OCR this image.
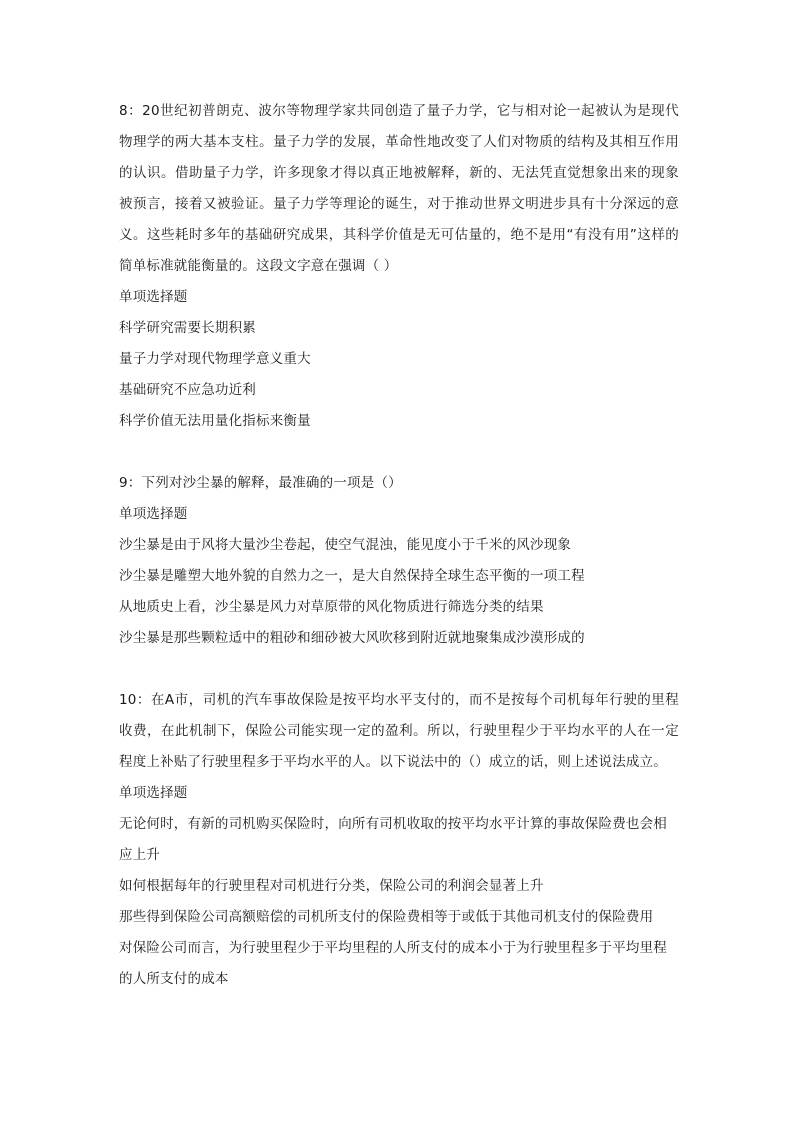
8：20世纪初普朗克、波尔等物理学家共同创造了量子力学，它与相对论一起被认为是现代物理学的两大基本支柱。量子力学的发展，革命性地改变了人们对物质的结构及其相互作用的认识。借助量子力学，许多现象才得以真正地被解释，新的、无法凭直觉想象出来的现象被预言，接着又被验证。量子力学等理论的诞生，对于推动世界文明进步具有十分深远的意义。这些耗时多年的基础研究成果，其科学价值是无可估量的，绝不是用“有没有用”这样的简单标准就能衡量的。这段文字意在强调（ ）

单项选择题

科学研究需要长期积累

量子力学对现代物理学意义重大

基础研究不应急功近利

科学价值无法用量化指标来衡量

9：下列对沙尘暴的解释，最准确的一项是（）

单项选择题

沙尘暴是由于风将大量沙尘卷起，使空气混浊，能见度小于千米的风沙现象

沙尘暴是雕塑大地外貌的自然力之一，是大自然保持全球生态平衡的一项工程

从地质史上看，沙尘暴是风力对草原带的风化物质进行筛选分类的结果

沙尘暴是那些颗粒适中的粗砂和细砂被大风吹移到附近就地聚集成沙漠形成的

10：在A市，司机的汽车事故保险是按平均水平支付的，而不是按每个司机每年行驶的里程收费，在此机制下，保险公司能实现一定的盈利。所以，行驶里程少于平均水平的人在一定程度上补贴了行驶里程多于平均水平的人。以下说法中的（）成立的话，则上述说法成立。

单项选择题

无论何时，有新的司机购买保险时，向所有司机收取的按平均水平计算的事故保险费也会相应上升

如何根据每年的行驶里程对司机进行分类，保险公司的利润会显著上升

那些得到保险公司高额赔偿的司机所支付的保险费相等于或低于其他司机支付的保险费用

对保险公司而言，为行驶里程少于平均里程的人所支付的成本小于为行驶里程多于平均里程的人所支付的成本
